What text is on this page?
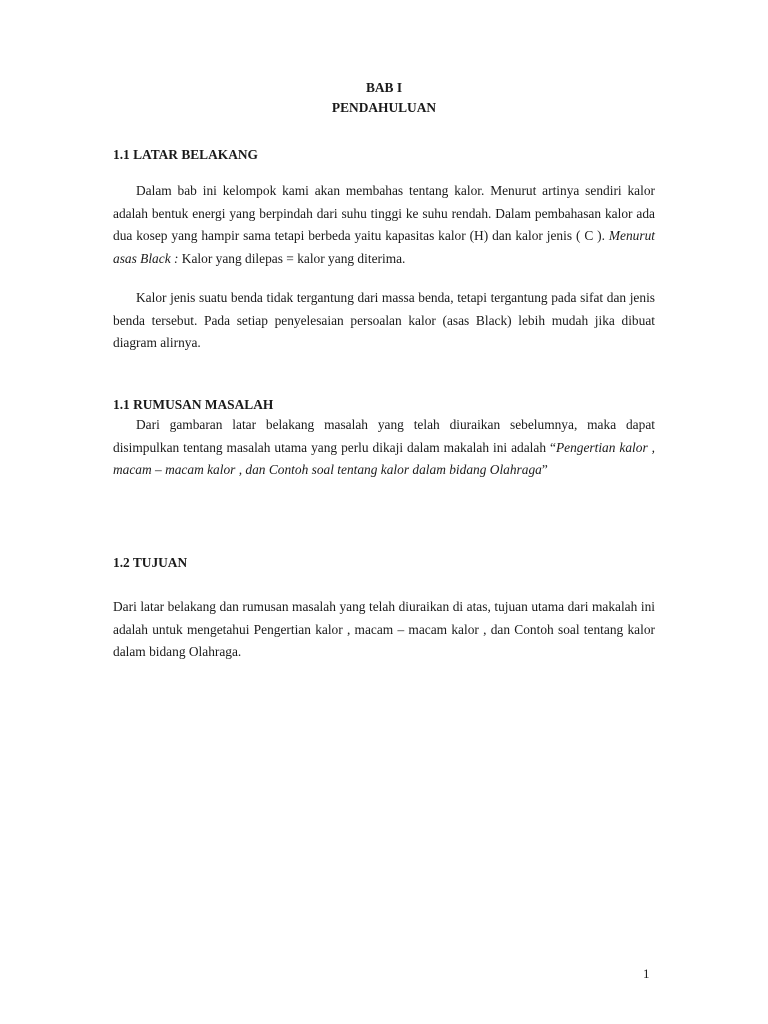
BAB I
PENDAHULUAN
1.1 LATAR BELAKANG

Dalam bab ini kelompok kami akan membahas tentang kalor. Menurut artinya sendiri kalor adalah bentuk energi yang berpindah dari suhu tinggi ke suhu rendah. Dalam pembahasan kalor ada dua kosep yang hampir sama tetapi berbeda yaitu kapasitas kalor (H) dan kalor jenis ( C ). Menurut asas Black : Kalor yang dilepas = kalor yang diterima.

Kalor jenis suatu benda tidak tergantung dari massa benda, tetapi tergantung pada sifat dan jenis benda tersebut. Pada setiap penyelesaian persoalan kalor (asas Black) lebih mudah jika dibuat diagram alirnya.

1.1 RUMUSAN MASALAH

Dari gambaran latar belakang masalah yang telah diuraikan sebelumnya, maka dapat disimpulkan tentang masalah utama yang perlu dikaji dalam makalah ini adalah “Pengertian kalor , macam – macam kalor , dan Contoh soal tentang kalor dalam bidang Olahraga”

1.2 TUJUAN

Dari latar belakang dan rumusan masalah yang telah diuraikan di atas, tujuan utama dari makalah ini adalah untuk mengetahui Pengertian kalor , macam – macam kalor , dan Contoh soal tentang kalor dalam bidang Olahraga.

1
